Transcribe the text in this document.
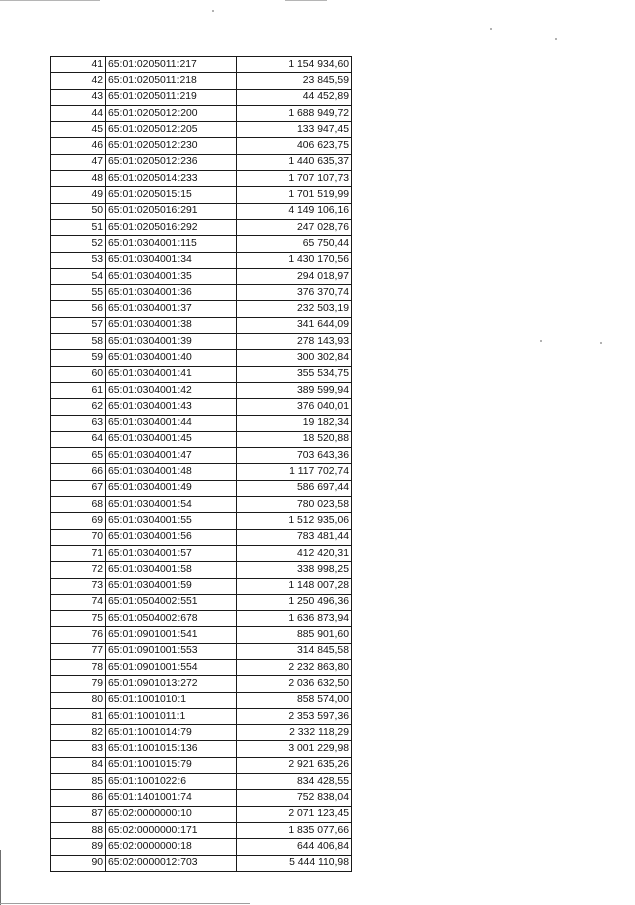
41	65:01:0205011:217	1 154 934,60
42	65:01:0205011:218	23 845,59
43	65:01:0205011:219	44 452,89
44	65:01:0205012:200	1 688 949,72
45	65:01:0205012:205	133 947,45
46	65:01:0205012:230	406 623,75
47	65:01:0205012:236	1 440 635,37
48	65:01:0205014:233	1 707 107,73
49	65:01:0205015:15	1 701 519,99
50	65:01:0205016:291	4 149 106,16
51	65:01:0205016:292	247 028,76
52	65:01:0304001:115	65 750,44
53	65:01:0304001:34	1 430 170,56
54	65:01:0304001:35	294 018,97
55	65:01:0304001:36	376 370,74
56	65:01:0304001:37	232 503,19
57	65:01:0304001:38	341 644,09
58	65:01:0304001:39	278 143,93
59	65:01:0304001:40	300 302,84
60	65:01:0304001:41	355 534,75
61	65:01:0304001:42	389 599,94
62	65:01:0304001:43	376 040,01
63	65:01:0304001:44	19 182,34
64	65:01:0304001:45	18 520,88
65	65:01:0304001:47	703 643,36
66	65:01:0304001:48	1 117 702,74
67	65:01:0304001:49	586 697,44
68	65:01:0304001:54	780 023,58
69	65:01:0304001:55	1 512 935,06
70	65:01:0304001:56	783 481,44
71	65:01:0304001:57	412 420,31
72	65:01:0304001:58	338 998,25
73	65:01:0304001:59	1 148 007,28
74	65:01:0504002:551	1 250 496,36
75	65:01:0504002:678	1 636 873,94
76	65:01:0901001:541	885 901,60
77	65:01:0901001:553	314 845,58
78	65:01:0901001:554	2 232 863,80
79	65:01:0901013:272	2 036 632,50
80	65:01:1001010:1	858 574,00
81	65:01:1001011:1	2 353 597,36
82	65:01:1001014:79	2 332 118,29
83	65:01:1001015:136	3 001 229,98
84	65:01:1001015:79	2 921 635,26
85	65:01:1001022:6	834 428,55
86	65:01:1401001:74	752 838,04
87	65:02:0000000:10	2 071 123,45
88	65:02:0000000:171	1 835 077,66
89	65:02:0000000:18	644 406,84
90	65:02:0000012:703	5 444 110,98
